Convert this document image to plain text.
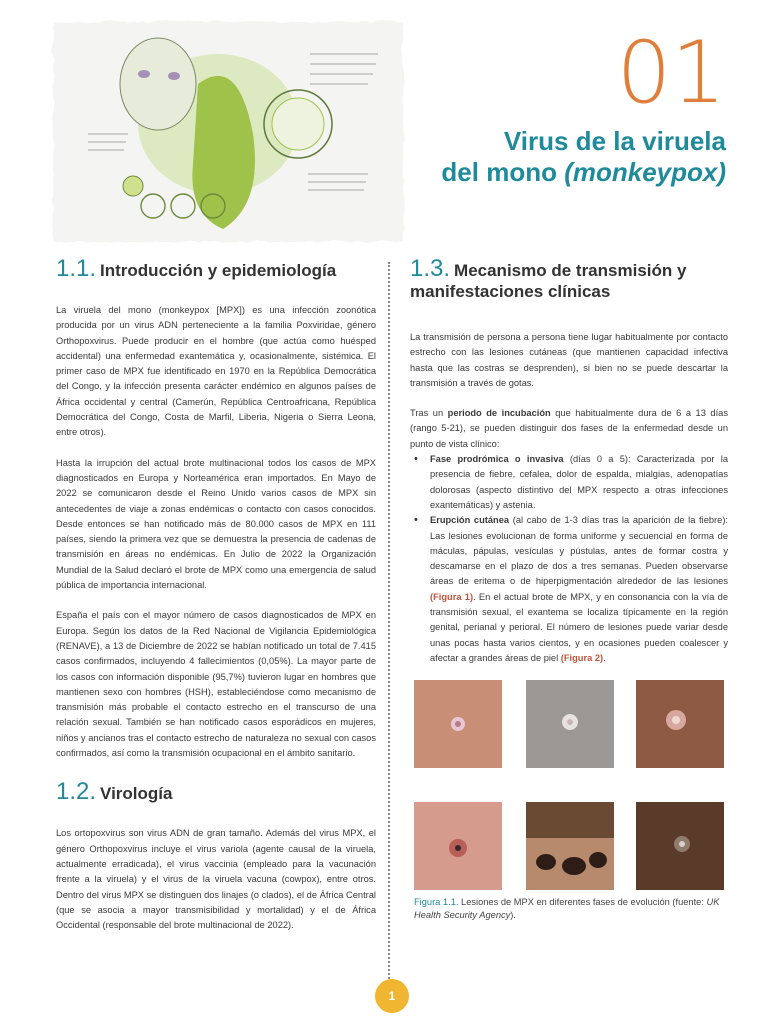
01
Virus de la viruela
del mono (monkeypox)
1.1. Introducción y epidemiología

La viruela del mono (monkeypox [MPX]) es una infección zoonótica producida por un virus ADN perteneciente a la familia Poxviridae, género Orthopoxvirus. Puede producir en el hombre (que actúa como huésped accidental) una enfermedad exantemática y, ocasionalmente, sistémica. El primer caso de MPX fue identificado en 1970 en la República Democrática del Congo, y la infección presenta carácter endémico en algunos países de África occidental y central (Camerún, República Centroafricana, República Democrática del Congo, Costa de Marfil, Liberia, Nigeria o Sierra Leona, entre otros).

Hasta la irrupción del actual brote multinacional todos los casos de MPX diagnosticados en Europa y Norteamérica eran importados. En Mayo de 2022 se comunicaron desde el Reino Unido varios casos de MPX sin antecedentes de viaje a zonas endémicas o contacto con casos conocidos. Desde entonces se han notificado más de 80.000 casos de MPX en 111 países, siendo la primera vez que se demuestra la presencia de cadenas de transmisión en áreas no endémicas. En Julio de 2022 la Organización Mundial de la Salud declaró el brote de MPX como una emergencia de salud pública de importancia internacional.

España el país con el mayor número de casos diagnosticados de MPX en Europa. Según los datos de la Red Nacional de Vigilancia Epidemiológica (RENAVE), a 13 de Diciembre de 2022 se habían notificado un total de 7.415 casos confirmados, incluyendo 4 fallecimientos (0,05%). La mayor parte de los casos con información disponible (95,7%) tuvieron lugar en hombres que mantienen sexo con hombres (HSH), estableciéndose como mecanismo de transmisión más probable el contacto estrecho en el transcurso de una relación sexual. También se han notificado casos esporádicos en mujeres, niños y ancianos tras el contacto estrecho de naturaleza no sexual con casos confirmados, así como la transmisión ocupacional en el ámbito sanitario.

1.2. Virología

Los ortopoxvirus son virus ADN de gran tamaño. Además del virus MPX, el género Orthopoxvirus incluye el virus variola (agente causal de la viruela, actualmente erradicada), el virus vaccinia (empleado para la vacunación frente a la viruela) y el virus de la viruela vacuna (cowpox), entre otros. Dentro del virus MPX se distinguen dos linajes (o clados), el de África Central (que se asocia a mayor transmisibilidad y mortalidad) y el de África Occidental (responsable del brote multinacional de 2022).

1.3. Mecanismo de transmisión y manifestaciones clínicas

La transmisión de persona a persona tiene lugar habitualmente por contacto estrecho con las lesiones cutáneas (que mantienen capacidad infectiva hasta que las costras se desprenden), si bien no se puede descartar la transmisión a través de gotas.

Tras un periodo de incubación que habitualmente dura de 6 a 13 días (rango 5-21), se pueden distinguir dos fases de la enfermedad desde un punto de vista clínico:

• Fase prodrómica o invasiva (días 0 a 5): Caracterizada por la presencia de fiebre, cefalea, dolor de espalda, mialgias, adenopatías dolorosas (aspecto distintivo del MPX respecto a otras infecciones exantemáticas) y astenia.
• Erupción cutánea (al cabo de 1-3 días tras la aparición de la fiebre): Las lesiones evolucionan de forma uniforme y secuencial en forma de máculas, pápulas, vesículas y pústulas, antes de formar costra y descamarse en el plazo de dos a tres semanas. Pueden observarse áreas de eritema o de hiperpigmentación alrededor de las lesiones (Figura 1). En el actual brote de MPX, y en consonancia con la vía de transmisión sexual, el exantema se localiza típicamente en la región genital, perianal y perioral. El número de lesiones puede variar desde unas pocas hasta varios cientos, y en ocasiones pueden coalescer y afectar a grandes áreas de piel (Figura 2).
Figura 1.1. Lesiones de MPX en diferentes fases de evolución (fuente: UK Health Security Agency).
1
